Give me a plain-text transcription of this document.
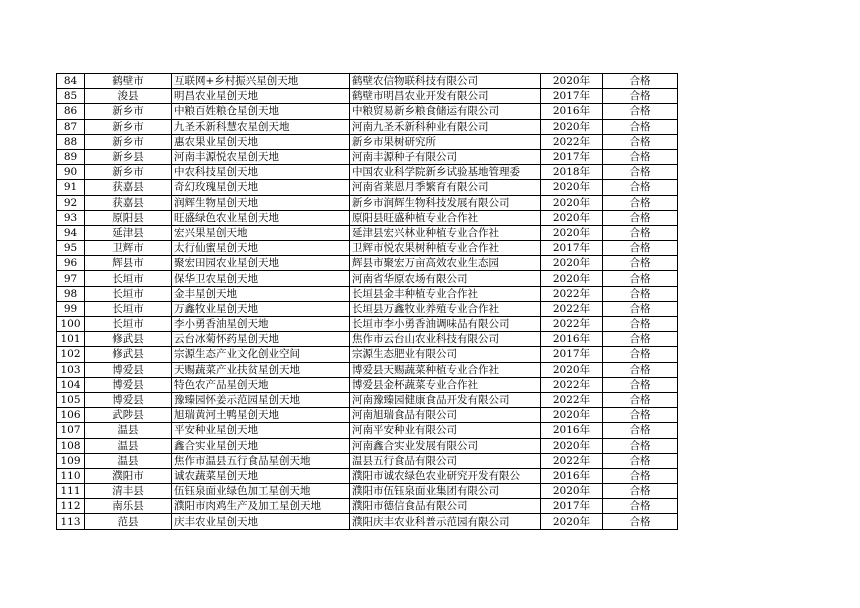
84	鹤壁市	互联网+乡村振兴星创天地	鹤壁农信物联科技有限公司	2020年	合格
85	浚县	明昌农业星创天地	鹤壁市明昌农业开发有限公司	2017年	合格
86	新乡市	中粮百姓粮仓星创天地	中粮贸易新乡粮食储运有限公司	2016年	合格
87	新乡市	九圣禾新科慧农星创天地	河南九圣禾新科种业有限公司	2020年	合格
88	新乡市	惠农果业星创天地	新乡市果树研究所	2022年	合格
89	新乡县	河南丰源悦农星创天地	河南丰源种子有限公司	2017年	合格
90	新乡市	中农科技星创天地	中国农业科学院新乡试验基地管理委	2018年	合格
91	获嘉县	奇幻玫瑰星创天地	河南省莱恩月季繁育有限公司	2020年	合格
92	获嘉县	润辉生物星创天地	新乡市润辉生物科技发展有限公司	2020年	合格
93	原阳县	旺盛绿色农业星创天地	原阳县旺盛种植专业合作社	2020年	合格
94	延津县	宏兴果星创天地	延津县宏兴林业种植专业合作社	2020年	合格
95	卫辉市	太行仙蜜星创天地	卫辉市悦农果树种植专业合作社	2017年	合格
96	辉县市	聚宏田园农业星创天地	辉县市聚宏万亩高效农业生态园	2020年	合格
97	长垣市	保华卫农星创天地	河南省华原农场有限公司	2020年	合格
98	长垣市	金丰星创天地	长垣县金丰种植专业合作社	2022年	合格
99	长垣市	万鑫牧业星创天地	长垣县万鑫牧业养殖专业合作社	2022年	合格
100	长垣市	李小勇香油星创天地	长垣市李小勇香油调味品有限公司	2022年	合格
101	修武县	云台冰菊怀药星创天地	焦作市云台山农业科技有限公司	2016年	合格
102	修武县	宗源生态产业文化创业空间	宗源生态肥业有限公司	2017年	合格
103	博爱县	天赐蔬菜产业扶贫星创天地	博爱县天赐蔬菜种植专业合作社	2020年	合格
104	博爱县	特色农产品星创天地	博爱县金杯蔬菜专业合作社	2022年	合格
105	博爱县	豫臻园怀姜示范园星创天地	河南豫臻园健康食品开发有限公司	2022年	合格
106	武陟县	旭瑞黄河土鸭星创天地	河南旭瑞食品有限公司	2020年	合格
107	温县	平安种业星创天地	河南平安种业有限公司	2016年	合格
108	温县	鑫合实业星创天地	河南鑫合实业发展有限公司	2020年	合格
109	温县	焦作市温县五行食品星创天地	温县五行食品有限公司	2022年	合格
110	濮阳市	诚农蔬菜星创天地	濮阳市诚农绿色农业研究开发有限公	2016年	合格
111	清丰县	伍钰泉面业绿色加工星创天地	濮阳市伍钰泉面业集团有限公司	2020年	合格
112	南乐县	濮阳市肉鸡生产及加工星创天地	濮阳市德信食品有限公司	2017年	合格
113	范县	庆丰农业星创天地	濮阳庆丰农业科普示范园有限公司	2020年	合格
